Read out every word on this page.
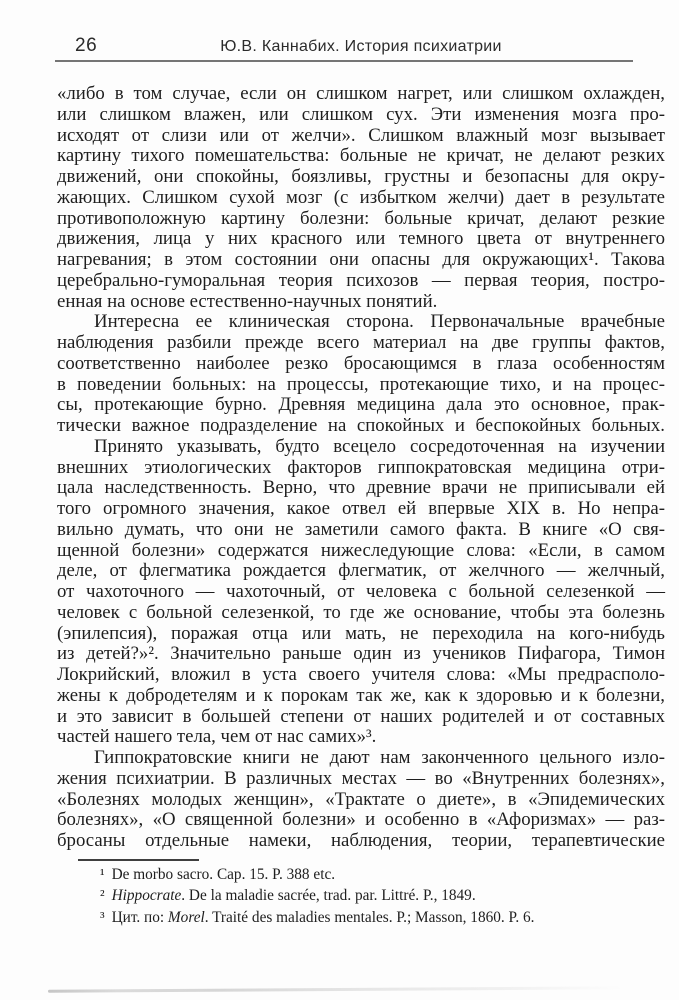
26	Ю.В. Каннабих. История психиатрии
«либо в том случае, если он слишком нагрет, или слишком охлажден,
или слишком влажен, или слишком сух. Эти изменения мозга про-
исходят от слизи или от желчи». Слишком влажный мозг вызывает
картину тихого помешательства: больные не кричат, не делают резких
движений, они спокойны, боязливы, грустны и безопасны для окру-
жающих. Слишком сухой мозг (с избытком желчи) дает в результате
противоположную картину болезни: больные кричат, делают резкие
движения, лица у них красного или темного цвета от внутреннего
нагревания; в этом состоянии они опасны для окружающих¹. Такова
церебрально-гуморальная теория психозов — первая теория, постро-
енная на основе естественно-научных понятий.
Интересна ее клиническая сторона. Первоначальные врачебные
наблюдения разбили прежде всего материал на две группы фактов,
соответственно наиболее резко бросающимся в глаза особенностям
в поведении больных: на процессы, протекающие тихо, и на процес-
сы, протекающие бурно. Древняя медицина дала это основное, прак-
тически важное подразделение на спокойных и беспокойных больных.
Принято указывать, будто всецело сосредоточенная на изучении
внешних этиологических факторов гиппократовская медицина отри-
цала наследственность. Верно, что древние врачи не приписывали ей
того огромного значения, какое отвел ей впервые XIX в. Но непра-
вильно думать, что они не заметили самого факта. В книге «О свя-
щенной болезни» содержатся нижеследующие слова: «Если, в самом
деле, от флегматика рождается флегматик, от желчного — желчный,
от чахоточного — чахоточный, от человека с больной селезенкой —
человек с больной селезенкой, то где же основание, чтобы эта болезнь
(эпилепсия), поражая отца или мать, не переходила на кого-нибудь
из детей?»². Значительно раньше один из учеников Пифагора, Тимон
Локрийский, вложил в уста своего учителя слова: «Мы предрасполо-
жены к добродетелям и к порокам так же, как к здоровью и к болезни,
и это зависит в большей степени от наших родителей и от составных
частей нашего тела, чем от нас самих»³.
Гиппократовские книги не дают нам законченного цельного изло-
жения психиатрии. В различных местах — во «Внутренних болезнях»,
«Болезнях молодых женщин», «Трактате о диете», в «Эпидемических
болезнях», «О священной болезни» и особенно в «Афоризмах» — раз-
бросаны отдельные намеки, наблюдения, теории, терапевтические
¹ De morbo sacro. Cap. 15. P. 388 etc.
² Hippocrate. De la maladie sacrée, trad. par. Littré. P., 1849.
³ Цит. по: Morel. Traité des maladies mentales. P.; Masson, 1860. P. 6.
